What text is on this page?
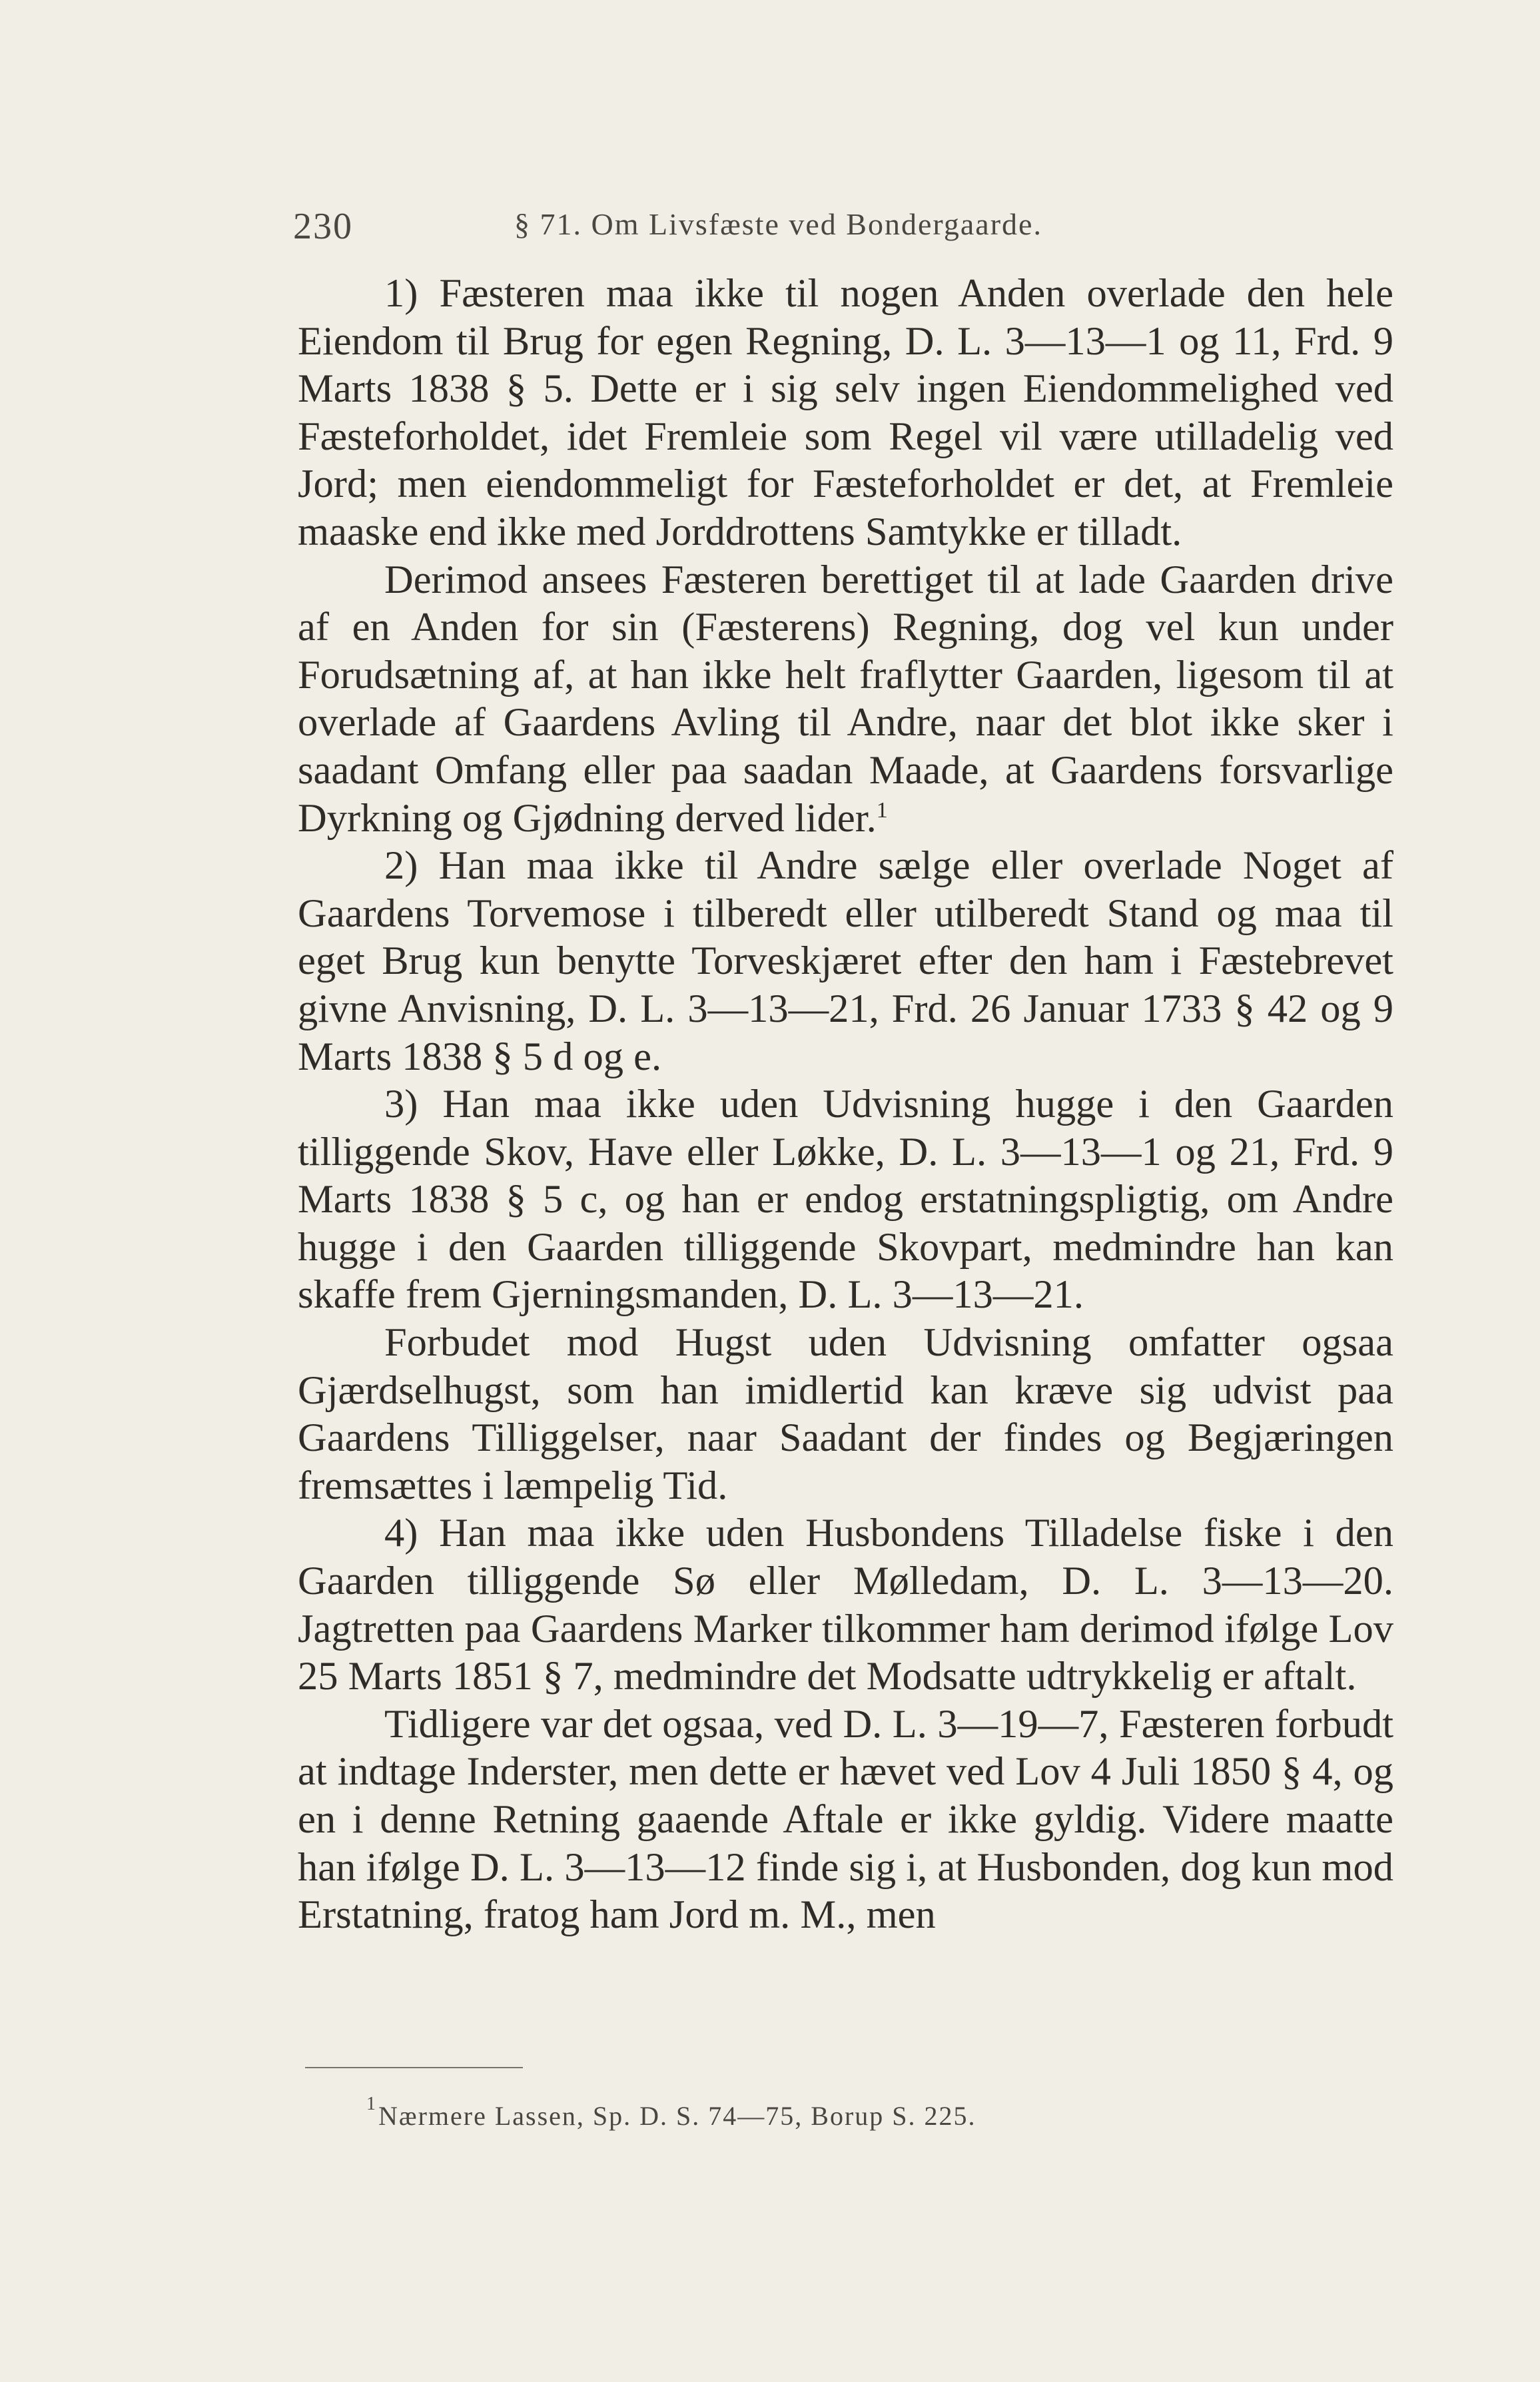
230	§ 71. Om Livsfæste ved Bondergaarde.

1) Fæsteren maa ikke til nogen Anden overlade den hele Eiendom til Brug for egen Regning, D. L. 3—13—1 og 11, Frd. 9 Marts 1838 § 5. Dette er i sig selv ingen Eiendommelighed ved Fæsteforholdet, idet Fremleie som Regel vil være utilladelig ved Jord; men eiendommeligt for Fæsteforholdet er det, at Fremleie maaske end ikke med Jorddrottens Samtykke er tilladt.

Derimod ansees Fæsteren berettiget til at lade Gaarden drive af en Anden for sin (Fæsterens) Regning, dog vel kun under Forudsætning af, at han ikke helt fraflytter Gaarden, ligesom til at overlade af Gaardens Avling til Andre, naar det blot ikke sker i saadant Omfang eller paa saadan Maade, at Gaardens forsvarlige Dyrkning og Gjødning derved lider.$^1$

2) Han maa ikke til Andre sælge eller overlade Noget af Gaardens Torvemose i tilberedt eller utilberedt Stand og maa til eget Brug kun benytte Torveskjæret efter den ham i Fæstebrevet givne Anvisning, D. L. 3—13—21, Frd. 26 Januar 1733 § 42 og 9 Marts 1838 § 5 d og e.

3) Han maa ikke uden Udvisning hugge i den Gaarden tilliggende Skov, Have eller Løkke, D. L. 3—13—1 og 21, Frd. 9 Marts 1838 § 5 c, og han er endog erstatningspligtig, om Andre hugge i den Gaarden tilliggende Skovpart, medmindre han kan skaffe frem Gjerningsmanden, D. L. 3—13—21.

Forbudet mod Hugst uden Udvisning omfatter ogsaa Gjærdselhugst, som han imidlertid kan kræve sig udvist paa Gaardens Tilliggelser, naar Saadant der findes og Begjæringen fremsættes i læmpelig Tid.

4) Han maa ikke uden Husbondens Tilladelse fiske i den Gaarden tilliggende Sø eller Mølledam, D. L. 3—13—20. Jagtretten paa Gaardens Marker tilkommer ham derimod ifølge Lov 25 Marts 1851 § 7, medmindre det Modsatte udtrykkelig er aftalt.

Tidligere var det ogsaa, ved D. L. 3—19—7, Fæsteren forbudt at indtage Inderster, men dette er hævet ved Lov 4 Juli 1850 § 4, og en i denne Retning gaaende Aftale er ikke gyldig. Videre maatte han ifølge D. L. 3—13—12 finde sig i, at Husbonden, dog kun mod Erstatning, fratog ham Jord m. M., men

1 Nærmere Lassen, Sp. D. S. 74—75, Borup S. 225.
